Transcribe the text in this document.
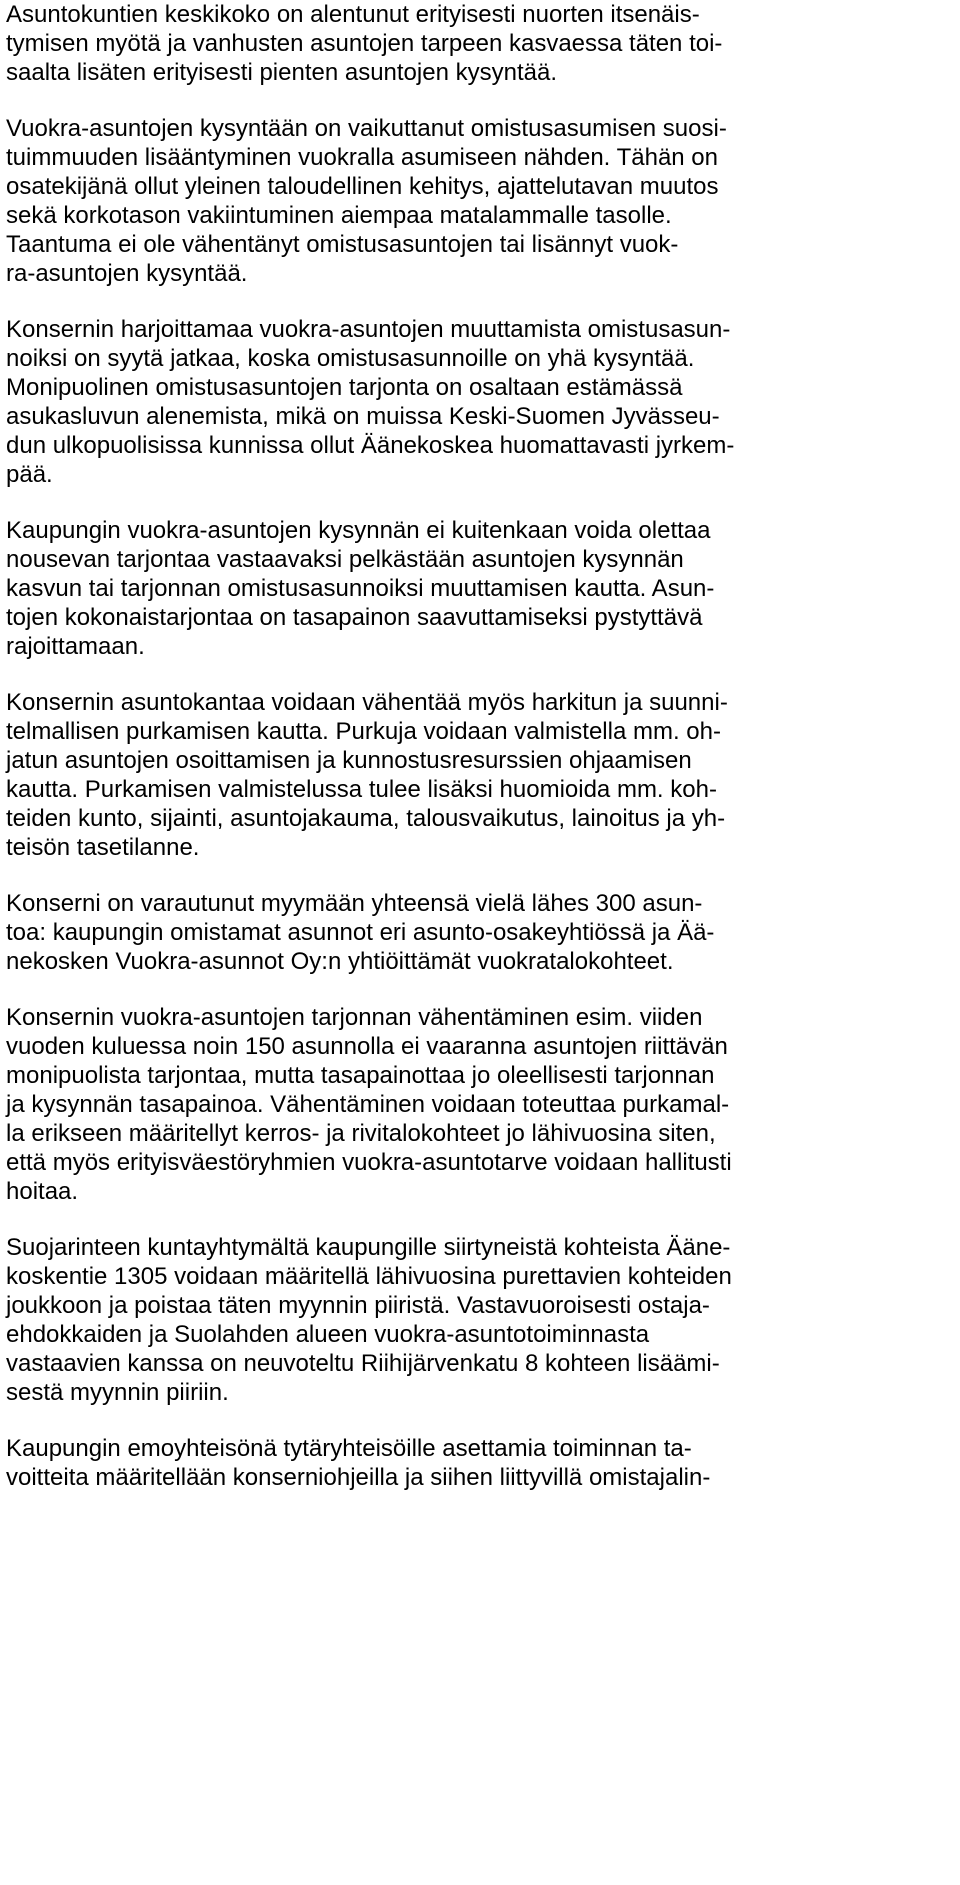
Asuntokuntien keskikoko on alentunut erityisesti nuorten itsenäis-
tymisen myötä ja vanhusten asuntojen tarpeen kasvaessa täten toi-
saalta lisäten erityisesti pienten asuntojen kysyntää.
Vuokra-asuntojen kysyntään on vaikuttanut omistusasumisen suosi-
tuimmuuden lisääntyminen vuokralla asumiseen nähden. Tähän on
osatekijänä ollut yleinen taloudellinen kehitys, ajattelutavan muutos
sekä korkotason vakiintuminen aiempaa matalammalle tasolle.
Taantuma ei ole vähentänyt omistusasuntojen tai lisännyt vuok-
ra-asuntojen kysyntää.
Konsernin harjoittamaa vuokra-asuntojen muuttamista omistusasun-
noiksi on syytä jatkaa, koska omistusasunnoille on yhä kysyntää.
Monipuolinen omistusasuntojen tarjonta on osaltaan estämässä
asukasluvun alenemista, mikä on muissa Keski-Suomen Jyvässeu-
dun ulkopuolisissa kunnissa ollut Äänekoskea huomattavasti jyrkem-
pää.
Kaupungin vuokra-asuntojen kysynnän ei kuitenkaan voida olettaa
nousevan tarjontaa vastaavaksi pelkästään asuntojen kysynnän
kasvun tai tarjonnan omistusasunnoiksi muuttamisen kautta. Asun-
tojen kokonaistarjontaa on tasapainon saavuttamiseksi pystyttävä
rajoittamaan.
Konsernin asuntokantaa voidaan vähentää myös harkitun ja suunni-
telmallisen purkamisen kautta. Purkuja voidaan valmistella mm. oh-
jatun asuntojen osoittamisen ja kunnostusresurssien ohjaamisen
kautta. Purkamisen valmistelussa tulee lisäksi huomioida mm. koh-
teiden kunto, sijainti, asuntojakauma, talousvaikutus, lainoitus ja yh-
teisön tasetilanne.
Konserni on varautunut myymään yhteensä vielä lähes 300 asun-
toa: kaupungin omistamat asunnot eri asunto-osakeyhtiössä ja Ää-
nekosken Vuokra-asunnot Oy:n yhtiöittämät vuokratalokohteet.
Konsernin vuokra-asuntojen tarjonnan vähentäminen esim. viiden
vuoden kuluessa noin 150 asunnolla ei vaaranna asuntojen riittävän
monipuolista tarjontaa, mutta tasapainottaa jo oleellisesti tarjonnan
ja kysynnän tasapainoa. Vähentäminen voidaan toteuttaa purkamal-
la erikseen määritellyt kerros- ja rivitalokohteet jo lähivuosina siten,
että myös erityisväestöryhmien vuokra-asuntotarve voidaan hallitusti
hoitaa.
Suojarinteen kuntayhtymältä kaupungille siirtyneistä kohteista Ääne-
koskentie 1305 voidaan määritellä lähivuosina purettavien kohteiden
joukkoon ja poistaa täten myynnin piiristä. Vastavuoroisesti ostaja-
ehdokkaiden ja Suolahden alueen vuokra-asuntotoiminnasta
vastaavien kanssa on neuvoteltu Riihijärvenkatu 8 kohteen lisäämi-
sestä myynnin piiriin.
Kaupungin emoyhteisönä tytäryhteisöille asettamia toiminnan ta-
voitteita määritellään konserniohjeilla ja siihen liittyvillä omistajalin-
